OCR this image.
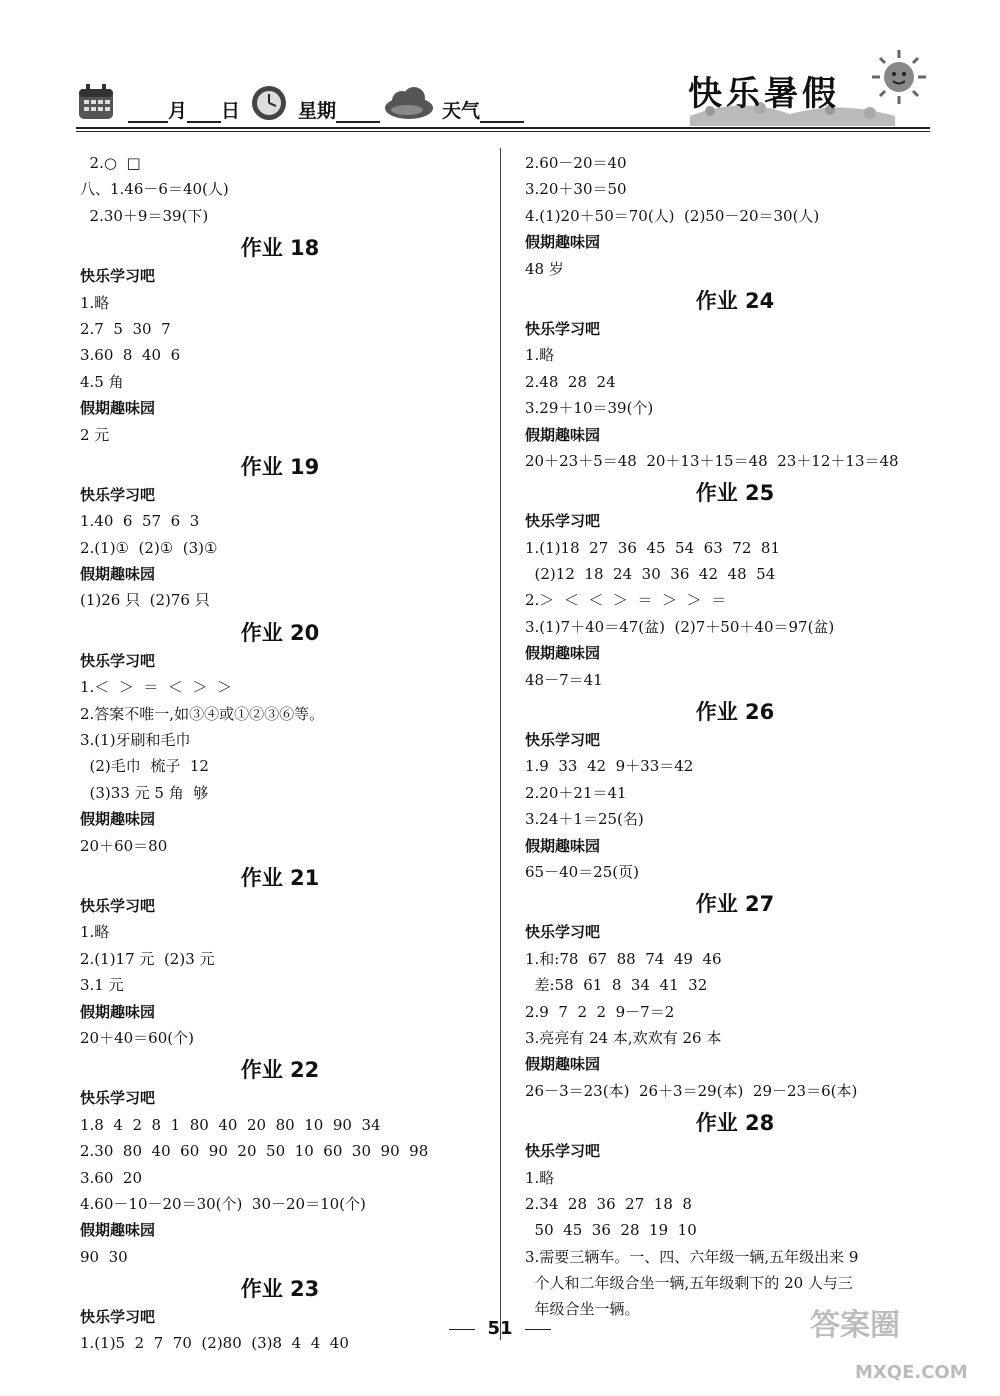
月 日	星期	天气	快乐暑假
2.○  □
八、1.46－6＝40(人)
2.30＋9＝39(下)
作业 18
快乐学习吧
1.略
2.7  5  30  7
3.60  8  40  6
4.5 角
假期趣味园
2 元
作业 19
快乐学习吧
1.40  6  57  6  3
2.(1)①  (2)①  (3)①
假期趣味园
(1)26 只  (2)76 只
作业 20
快乐学习吧
1.＜  ＞  ＝  ＜  ＞  ＞
2.答案不唯一,如③④或①②③⑥等。
3.(1)牙刷和毛巾
(2)毛巾  梳子  12
(3)33 元 5 角  够
假期趣味园
20＋60＝80
作业 21
快乐学习吧
1.略
2.(1)17 元  (2)3 元
3.1 元
假期趣味园
20＋40＝60(个)
作业 22
快乐学习吧
1.8  4  2  8  1  80  40  20  80  10  90  34
2.30  80  40  60  90  20  50  10  60  30  90  98
3.60  20
4.60－10－20＝30(个)  30－20＝10(个)
假期趣味园
90  30
作业 23
快乐学习吧
1.(1)5  2  7  70  (2)80  (3)8  4  4  40
2.60－20＝40
3.20＋30＝50
4.(1)20＋50＝70(人)  (2)50－20＝30(人)
假期趣味园
48 岁
作业 24
快乐学习吧
1.略
2.48  28  24
3.29＋10＝39(个)
假期趣味园
20＋23＋5＝48  20＋13＋15＝48  23＋12＋13＝48
作业 25
快乐学习吧
1.(1)18  27  36  45  54  63  72  81
(2)12  18  24  30  36  42  48  54
2.＞  ＜  ＜  ＞  ＝  ＞  ＞  ＝
3.(1)7＋40＝47(盆)  (2)7＋50＋40＝97(盆)
假期趣味园
48－7＝41
作业 26
快乐学习吧
1.9  33  42  9＋33＝42
2.20＋21＝41
3.24＋1＝25(名)
假期趣味园
65－40＝25(页)
作业 27
快乐学习吧
1.和:78  67  88  74  49  46
差:58  61  8  34  41  32
2.9  7  2  2  9－7＝2
3.亮亮有 24 本,欢欢有 26 本
假期趣味园
26－3＝23(本)  26＋3＝29(本)  29－23＝6(本)
作业 28
快乐学习吧
1.略
2.34  28  36  27  18  8
50  45  36  28  19  10
3.需要三辆车。一、四、六年级一辆,五年级出来 9
个人和二年级合坐一辆,五年级剩下的 20 人与三
年级合坐一辆。
51	答案圈
MXQE.COM
